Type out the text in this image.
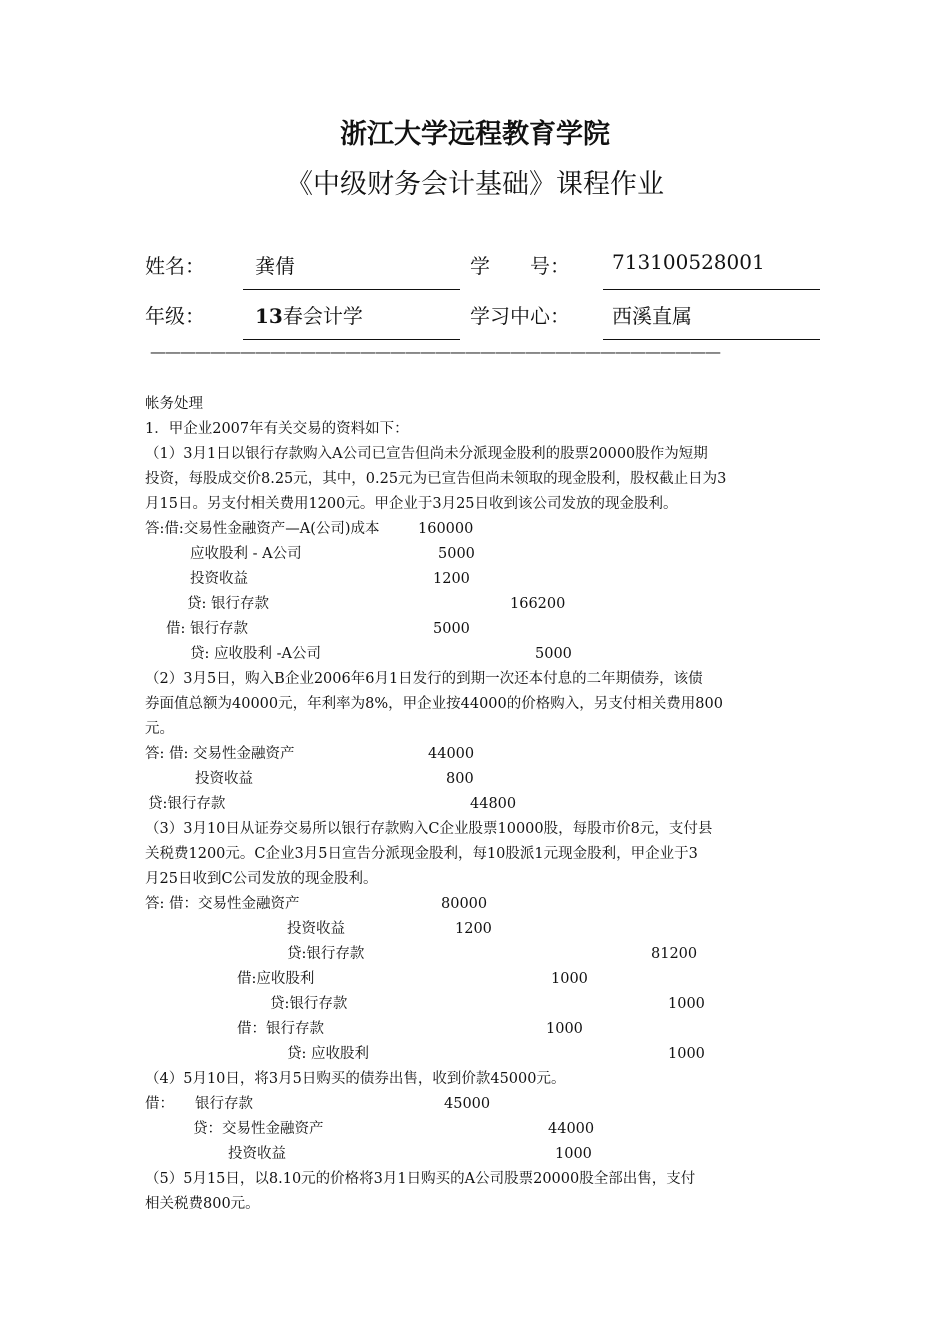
浙江大学远程教育学院
《中级财务会计基础》课程作业
姓名：	龚倩	学　　号： 713100528001
年级：	13春会计学	学习中心： 西溪直属
——————————————————————————————————————
帐务处理
1．甲企业2007年有关交易的资料如下：
（1）3月1日以银行存款购入A公司已宣告但尚未分派现金股利的股票20000股作为短期
投资，每股成交价8.25元，其中，0.25元为已宣告但尚未领取的现金股利，股权截止日为3
月15日。另支付相关费用1200元。甲企业于3月25日收到该公司发放的现金股利。
答:借:交易性金融资产—A(公司)成本	160000
应收股利 - A公司	5000
投资收益	1200
贷: 银行存款	166200
借: 银行存款	5000
贷: 应收股利 -A公司	5000
（2）3月5日，购入B企业2006年6月1日发行的到期一次还本付息的二年期债券，该债
券面值总额为40000元，年利率为8%，甲企业按44000的价格购入，另支付相关费用800
元。
答: 借: 交易性金融资产	44000
投资收益	800
贷:银行存款	44800
（3）3月10日从证券交易所以银行存款购入C企业股票10000股，每股市价8元，支付县
关税费1200元。C企业3月5日宣告分派现金股利，每10股派1元现金股利，甲企业于3
月25日收到C公司发放的现金股利。
答: 借：交易性金融资产	80000
投资收益	1200
贷:银行存款	81200
借:应收股利	1000
贷:银行存款	1000
借：银行存款	1000
贷: 应收股利	1000
（4）5月10日，将3月5日购买的债券出售，收到价款45000元。
借： 银行存款	45000
贷：交易性金融资产	44000
投资收益	1000
（5）5月15日，以8.10元的价格将3月1日购买的A公司股票20000股全部出售，支付
相关税费800元。
